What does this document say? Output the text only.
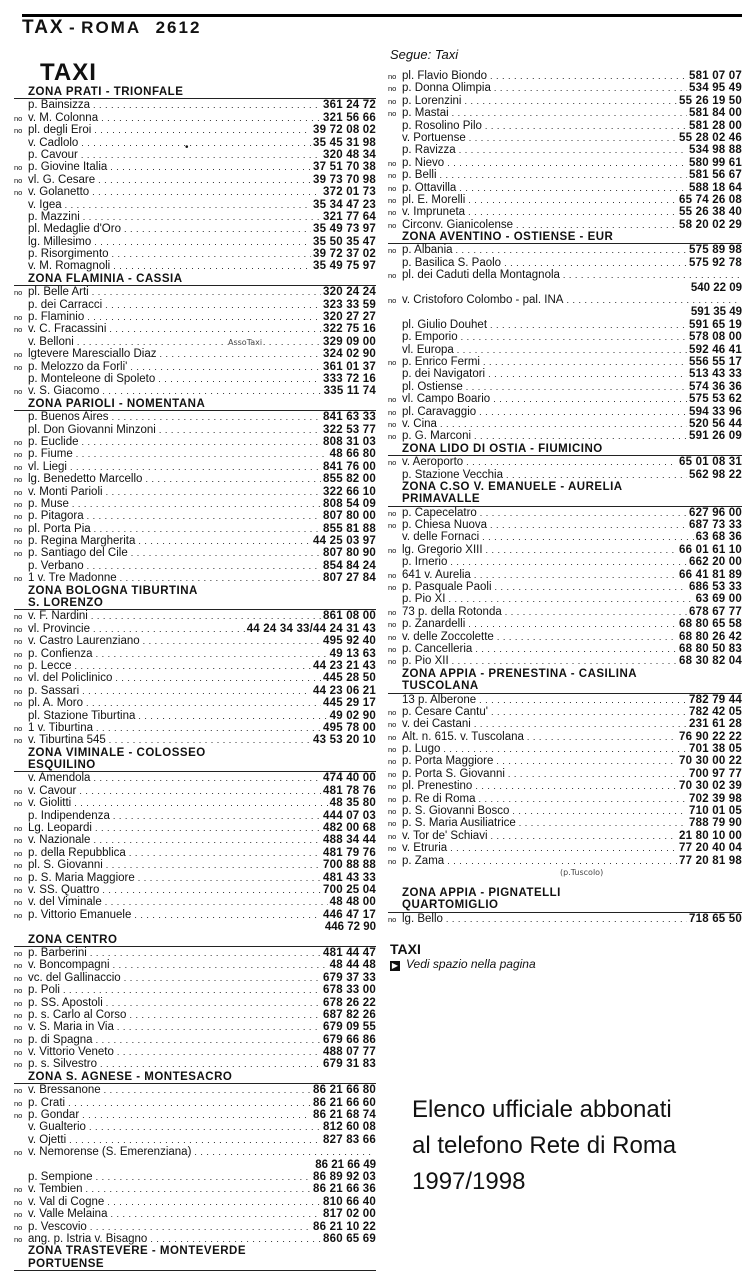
TAX - ROMA 2612
TAXI
ZONA PRATI - TRIONFALE
p. Bainsizza . . .	361 24 72
no v. M. Colonna . . .	321 56 66
no pl. degli Eroi . . .	39 72 08 02
v. Cadlolo . . .	35 45 31 98
p. Cavour . . .	320 48 34
no p. Giovine Italia . . .	37 51 70 38
no vl. G. Cesare . . .	39 73 70 98
no v. Golanetto . . .	372 01 73
v. Igea . . .	35 34 47 23
p. Mazzini . . .	321 77 64
pl. Medaglie d'Oro . . .	35 49 73 97
lg. Millesimo . . .	35 50 35 47
p. Risorgimento . . .	39 72 37 02
v. M. Romagnoli . . .	35 49 75 97
ZONA FLAMINIA - CASSIA
no pl. Belle Arti . . .	320 24 24
p. dei Carracci . . .	323 33 59
no p. Flaminio . . .	320 27 27
no v. C. Fracassini . . .	322 75 16
v. Belloni . . .	329 09 00
no lgtevere Maresciallo Diaz . . .	324 02 90
no p. Melozzo da Forli' . . .	361 01 37
p. Monteleone di Spoleto . . .	333 72 16
no v. S. Giacomo . . .	335 11 74
ZONA PARIOLI - NOMENTANA
p. Buenos Aires . . .	841 63 33
pl. Don Giovanni Minzoni . . .	322 53 77
no p. Euclide . . .	808 31 03
no p. Fiume . . .	48 66 80
no vl. Liegi . . .	841 76 00
no lg. Benedetto Marcello . . .	855 82 00
no v. Monti Parioli . . .	322 66 10
no p. Muse . . .	808 54 09
no p. Pitagora . . .	807 80 00
no pl. Porta Pia . . .	855 81 88
no p. Regina Margherita . . .	44 25 03 97
no p. Santiago del Cile . . .	807 80 90
p. Verbano . . .	854 84 24
no 1 v. Tre Madonne . . .	807 27 84
ZONA BOLOGNA TIBURTINA
S. LORENZO
no v. F. Nardini . . .	861 08 00
no vl. Provincie . . .	44 24 34 33/44 24 31 43
no v. Castro Laurenziano . . .	495 92 40
no p. Confienza . . .	49 13 63
no p. Lecce . . .	44 23 21 43
no vl. del Policlinico . . .	445 28 50
no p. Sassari . . .	44 23 06 21
no pl. A. Moro . . .	445 29 17
pl. Stazione Tiburtina . . .	49 02 90
no 1 v. Tiburtina . . .	495 78 00
no v. Tiburtina 545 . . .	43 53 20 10
ZONA VIMINALE - COLOSSEO
ESQUILINO
v. Amendola . . .	474 40 00
no v. Cavour . . .	481 78 76
no v. Giolitti . . .	48 35 80
p. Indipendenza . . .	444 07 03
no Lg. Leopardi . . .	482 00 68
no v. Nazionale . . .	488 34 44
no p. della Repubblica . . .	481 79 76
no pl. S. Giovanni . . .	700 88 88
no p. S. Maria Maggiore . . .	481 43 33
no v. SS. Quattro . . .	700 25 04
no v. del Viminale . . .	48 48 00
no p. Vittorio Emanuele . . .	446 47 17
446 72 90
ZONA CENTRO
no p. Barberini . . .	481 44 47
no v. Boncompagni . . .	48 44 48
no vc. del Gallinaccio . . .	679 37 33
no p. Poli . . .	678 33 00
no p. SS. Apostoli . . .	678 26 22
no p. s. Carlo al Corso . . .	687 82 26
no v. S. Maria in Via . . .	679 09 55
no p. di Spagna . . .	679 66 86
no v. Vittorio Veneto . . .	488 07 77
no p. s. Silvestro . . .	679 31 83
ZONA S. AGNESE - MONTESACRO
no v. Bressanone . . .	86 21 66 80
no p. Crati . . .	86 21 66 60
no p. Gondar . . .	86 21 68 74
v. Gualterio . . .	812 60 08
v. Ojetti . . .	827 83 66
no v. Nemorense (S. Emerenziana) . . .
86 21 66 49
p. Sempione . . .	86 89 92 03
no v. Tembien . . .	86 21 66 36
no v. Val di Cogne . . .	810 66 40
no v. Valle Melaina . . .	817 02 00
no p. Vescovio . . .	86 21 10 22
no ang. p. Istria v. Bisagno . . .	860 65 69
ZONA TRASTEVERE - MONTEVERDE
PORTUENSE
•
Segue: Taxi
no pl. Flavio Biondo . . .	581 07 07
no p. Donna Olimpia . . .	534 95 49
no p. Lorenzini . . .	55 26 19 50
no p. Mastai . . .	581 84 00
p. Rosolino Pilo . . .	581 28 00
v. Portuense . . .	55 28 02 46
p. Ravizza . . .	534 98 88
no p. Nievo . . .	580 99 61
no p. Belli . . .	581 56 67
no p. Ottavilla . . .	588 18 64
no pl. E. Morelli . . .	65 74 26 08
no v. Impruneta . . .	55 26 38 40
no Circonv. Gianicolense . . .	58 20 02 29
ZONA AVENTINO - OSTIENSE - EUR
no p. Albania . . .	575 89 98
p. Basilica S. Paolo . . .	575 92 78
no pl. dei Caduti della Montagnola . . .
540 22 09
no v. Cristoforo Colombo - pal. INA . . .
591 35 49
pl. Giulio Douhet . . .	591 65 19
p. Emporio . . .	578 08 00
vl. Europa . . .	592 46 41
no p. Enrico Fermi . . .	556 55 17
p. dei Navigatori . . .	513 43 33
pl. Ostiense . . .	574 36 36
no vl. Campo Boario . . .	575 53 62
no pl. Caravaggio . . .	594 33 96
no v. Cina . . .	520 56 44
no p. G. Marconi . . .	591 26 09
ZONA LIDO DI OSTIA - FIUMICINO
no v. Aeroporto . . .	65 01 08 31
p. Stazione Vecchia . . .	562 98 22
ZONA C.SO V. EMANUELE - AURELIA
PRIMAVALLE
no p. Capecelatro . . .	627 96 00
no p. Chiesa Nuova . . .	687 73 33
v. delle Fornaci . . .	63 68 36
no lg. Gregorio XIII . . .	66 01 61 10
p. Irnerio . . .	662 20 00
no 641 v. Aurelia . . .	66 41 81 89
no p. Pasquale Paoli . . .	686 53 33
p. Pio XI . . .	63 69 00
no 73 p. della Rotonda . . .	678 67 77
no p. Zanardelli . . .	68 80 65 58
no v. delle Zoccolette . . .	68 80 26 42
no p. Cancelleria . . .	68 80 50 83
no p. Pio XII . . .	68 30 82 04
ZONA APPIA - PRENESTINA - CASILINA
TUSCOLANA
13 p. Alberone . . .	782 79 44
no p. Cesare Cantu' . . .	782 42 05
no v. dei Castani . . .	231 61 28
no Alt. n. 615. v. Tuscolana . . .	76 90 22 22
no p. Lugo . . .	701 38 05
no p. Porta Maggiore . . .	70 30 00 22
no p. Porta S. Giovanni . . .	700 97 77
no pl. Prenestino . . .	70 30 02 39
no p. Re di Roma . . .	702 39 98
no p. S. Giovanni Bosco . . .	710 01 05
no p. S. Maria Ausiliatrice . . .	788 79 90
no v. Tor de' Schiavi . . .	21 80 10 00
no v. Etruria . . .	77 20 40 04
no p. Zama . . .	77 20 81 98
ZONA APPIA - PIGNATELLI
QUARTOMIGLIO
no lg. Bello . . .	718 65 50
TAXI
▶ Vedi spazio nella pagina
AssoTaxi
(p.Tuscolo)
Elenco ufficiale abbonati
al telefono Rete di Roma
1997/1998
